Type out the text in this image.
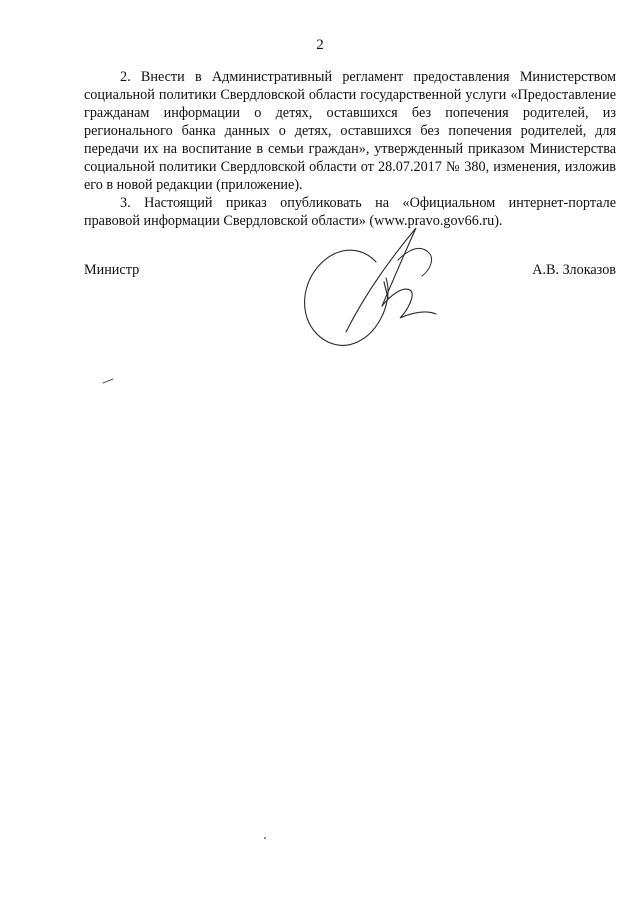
2

2. Внести в Административный регламент предоставления Министерством социальной политики Свердловской области государственной услуги «Предоставление гражданам информации о детях, оставшихся без попечения родителей, из регионального банка данных о детях, оставшихся без попечения родителей, для передачи их на воспитание в семьи граждан», утвержденный приказом Министерства социальной политики Свердловской области от 28.07.2017 № 380, изменения, изложив его в новой редакции (приложение).

3. Настоящий приказ опубликовать на «Официальном интернет-портале правовой информации Свердловской области» (www.pravo.gov66.ru).

Министр	А.В. Злоказов
